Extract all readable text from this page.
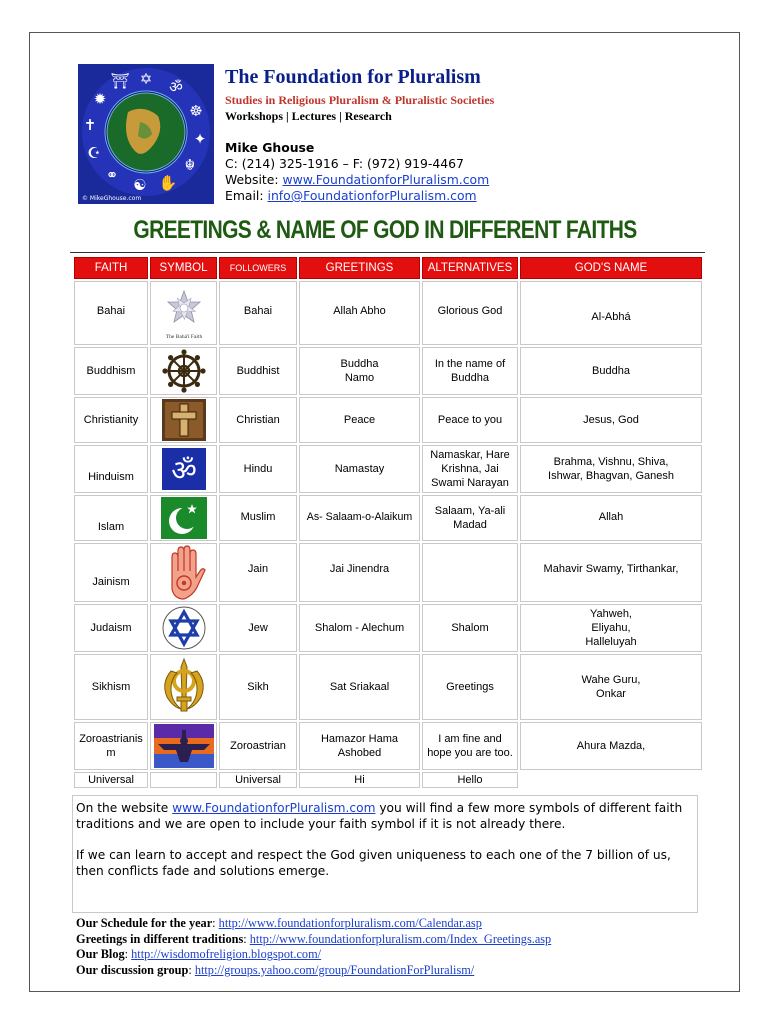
✡ ॐ
☸
✦
☬
✋
☯
⚭
☪
✝
✹
⛩
© MikeGhouse.com
The Foundation for Pluralism
Studies in Religious Pluralism & Pluralistic Societies
Workshops | Lectures | Research
Mike Ghouse
C: (214) 325-1916 – F: (972) 919-4467
Website: www.FoundationforPluralism.com
Email: info@FoundationforPluralism.com
GREETINGS & NAME OF GOD IN DIFFERENT FAITHS
FAITH	SYMBOL	FOLLOWERS	GREETINGS	ALTERNATIVES	GOD'S NAME
Bahai	The Bahá'í Faith	Bahai	Allah Abho	Glorious God	Al-Abhá
Buddhism		Buddhist	Buddha Namo	In the name of Buddha	Buddha
Christianity		Christian	Peace	Peace to you	Jesus, God
Hinduism	ॐ	Hindu	Namastay	Namaskar, Hare Krishna, Jai Swami Narayan	Brahma, Vishnu, Shiva, Ishwar, Bhagvan, Ganesh

Islam		Muslim	As- Salaam-o-Alaikum	Salaam, Ya-ali Madad	Allah
Jainism		Jain	Jai Jinendra		Mahavir Swamy, Tirthankar,
Judaism		Jew	Shalom - Alechum	Shalom	Yahweh, Eliyahu, Halleluyah

Sikhism		Sikh	Sat Sriakaal	Greetings	Wahe Guru, Onkar

Zoroastrianism		Zoroastrian	Hamazor Hama Ashobed	I am fine and hope you are too.	Ahura Mazda,
Universal		Universal	Hi	Hello	

On the website www.FoundationforPluralism.com you will find a few more symbols of different faith traditions and we are open to include your faith symbol if it is not already there.

If we can learn to accept and respect the God given uniqueness to each one of the 7 billion of us, then conflicts fade and solutions emerge.

Our Schedule for the year: http://www.foundationforpluralism.com/Calendar.asp
Greetings in different traditions: http://www.foundationforpluralism.com/Index_Greetings.asp
Our Blog: http://wisdomofreligion.blogspot.com/
Our discussion group: http://groups.yahoo.com/group/FoundationForPluralism/
